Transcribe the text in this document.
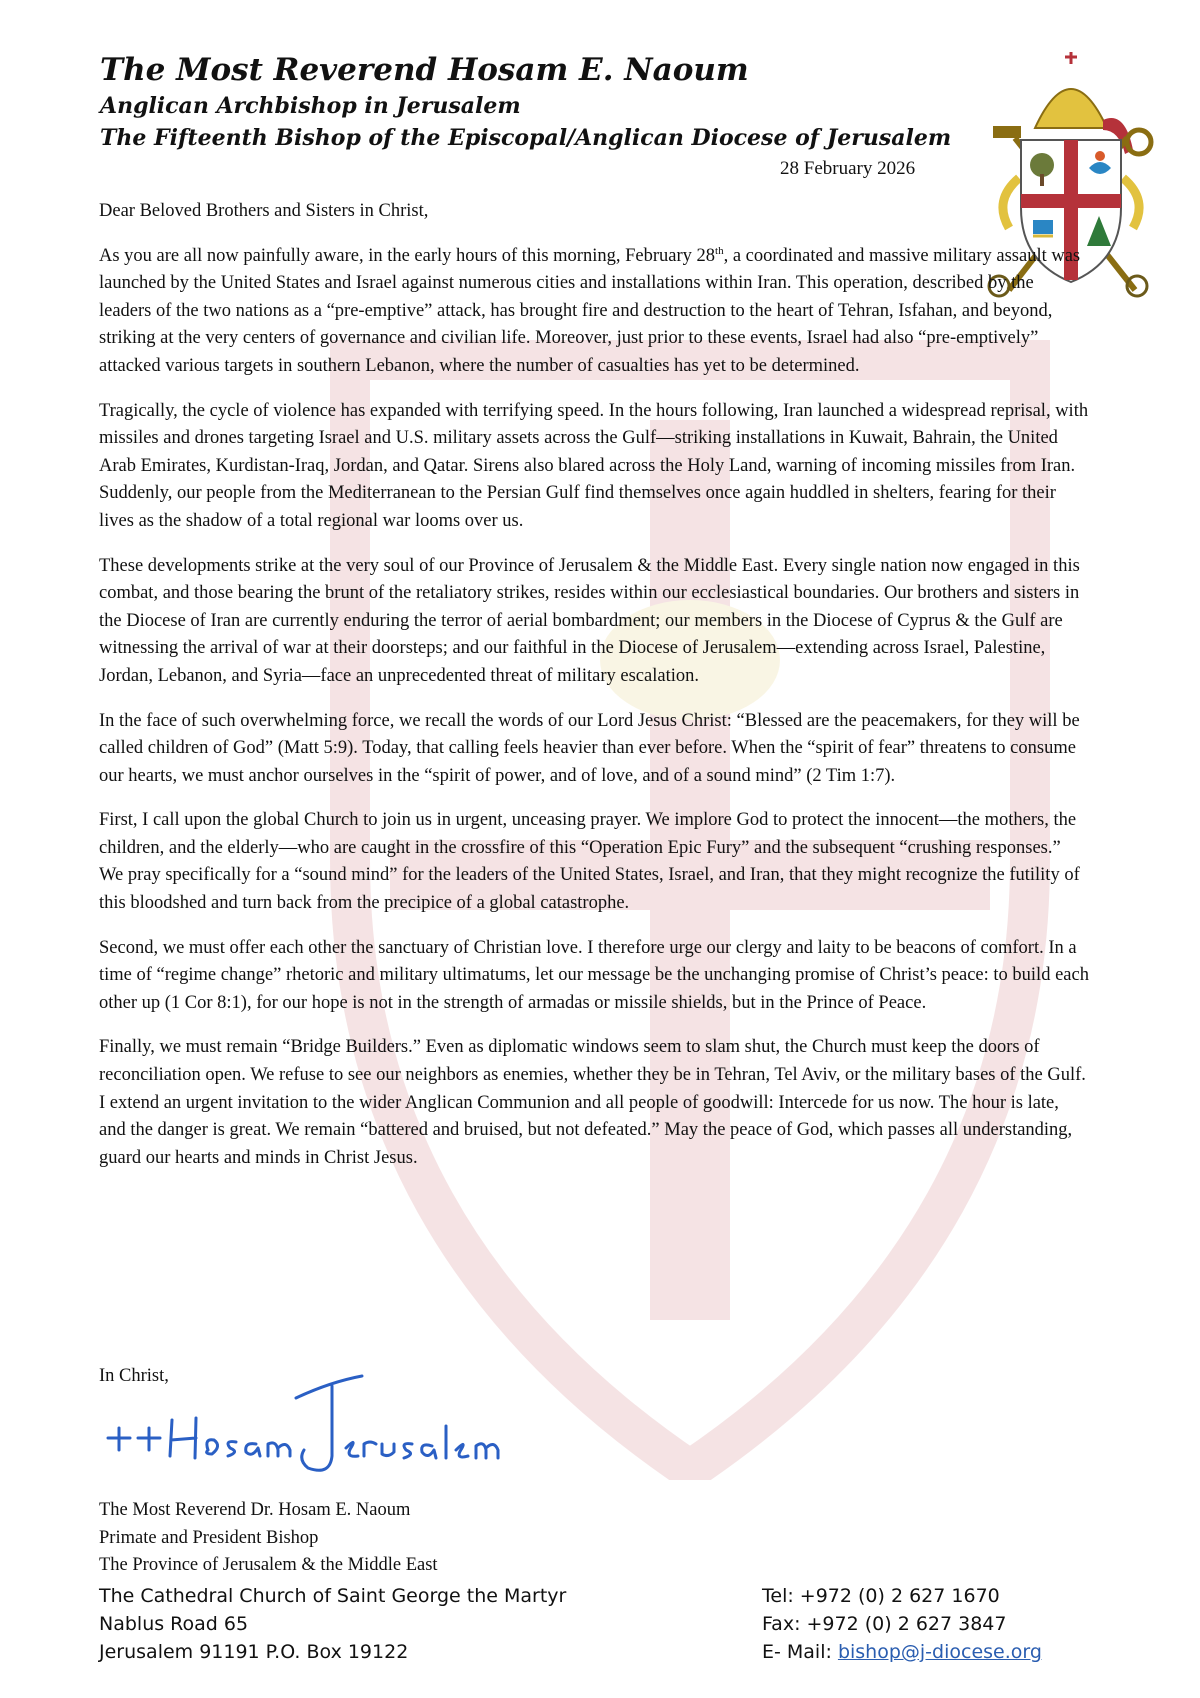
The Most Reverend Hosam E. Naoum
Anglican Archbishop in Jerusalem
The Fifteenth Bishop of the Episcopal/Anglican Diocese of Jerusalem
28 February 2026

Dear Beloved Brothers and Sisters in Christ,

As you are all now painfully aware, in the early hours of this morning, February 28th, a coordinated and massive military assault was launched by the United States and Israel against numerous cities and installations within Iran. This operation, described by the leaders of the two nations as a “pre-emptive” attack, has brought fire and destruction to the heart of Tehran, Isfahan, and beyond, striking at the very centers of governance and civilian life. Moreover, just prior to these events, Israel had also “pre-emptively” attacked various targets in southern Lebanon, where the number of casualties has yet to be determined.

Tragically, the cycle of violence has expanded with terrifying speed. In the hours following, Iran launched a widespread reprisal, with missiles and drones targeting Israel and U.S. military assets across the Gulf—striking installations in Kuwait, Bahrain, the United Arab Emirates, Kurdistan-Iraq, Jordan, and Qatar. Sirens also blared across the Holy Land, warning of incoming missiles from Iran. Suddenly, our people from the Mediterranean to the Persian Gulf find themselves once again huddled in shelters, fearing for their lives as the shadow of a total regional war looms over us.

These developments strike at the very soul of our Province of Jerusalem & the Middle East. Every single nation now engaged in this combat, and those bearing the brunt of the retaliatory strikes, resides within our ecclesiastical boundaries. Our brothers and sisters in the Diocese of Iran are currently enduring the terror of aerial bombardment; our members in the Diocese of Cyprus & the Gulf are witnessing the arrival of war at their doorsteps; and our faithful in the Diocese of Jerusalem—extending across Israel, Palestine, Jordan, Lebanon, and Syria—face an unprecedented threat of military escalation.

In the face of such overwhelming force, we recall the words of our Lord Jesus Christ: “Blessed are the peacemakers, for they will be called children of God” (Matt 5:9). Today, that calling feels heavier than ever before. When the “spirit of fear” threatens to consume our hearts, we must anchor ourselves in the “spirit of power, and of love, and of a sound mind” (2 Tim 1:7).

First, I call upon the global Church to join us in urgent, unceasing prayer. We implore God to protect the innocent—the mothers, the children, and the elderly—who are caught in the crossfire of this “Operation Epic Fury” and the subsequent “crushing responses.” We pray specifically for a “sound mind” for the leaders of the United States, Israel, and Iran, that they might recognize the futility of this bloodshed and turn back from the precipice of a global catastrophe.

Second, we must offer each other the sanctuary of Christian love. I therefore urge our clergy and laity to be beacons of comfort. In a time of “regime change” rhetoric and military ultimatums, let our message be the unchanging promise of Christ’s peace: to build each other up (1 Cor 8:1), for our hope is not in the strength of armadas or missile shields, but in the Prince of Peace.

Finally, we must remain “Bridge Builders.” Even as diplomatic windows seem to slam shut, the Church must keep the doors of reconciliation open. We refuse to see our neighbors as enemies, whether they be in Tehran, Tel Aviv, or the military bases of the Gulf. I extend an urgent invitation to the wider Anglican Communion and all people of goodwill: Intercede for us now. The hour is late, and the danger is great. We remain “battered and bruised, but not defeated.” May the peace of God, which passes all understanding, guard our hearts and minds in Christ Jesus.

In Christ,
The Most Reverend Dr. Hosam E. Naoum
Primate and President Bishop
The Province of Jerusalem & the Middle East
The Cathedral Church of Saint George the Martyr
Nablus Road 65
Jerusalem 91191 P.O. Box 19122
Tel: +972 (0) 2 627 1670
Fax: +972 (0) 2 627 3847
E- Mail: bishop@j-diocese.org
